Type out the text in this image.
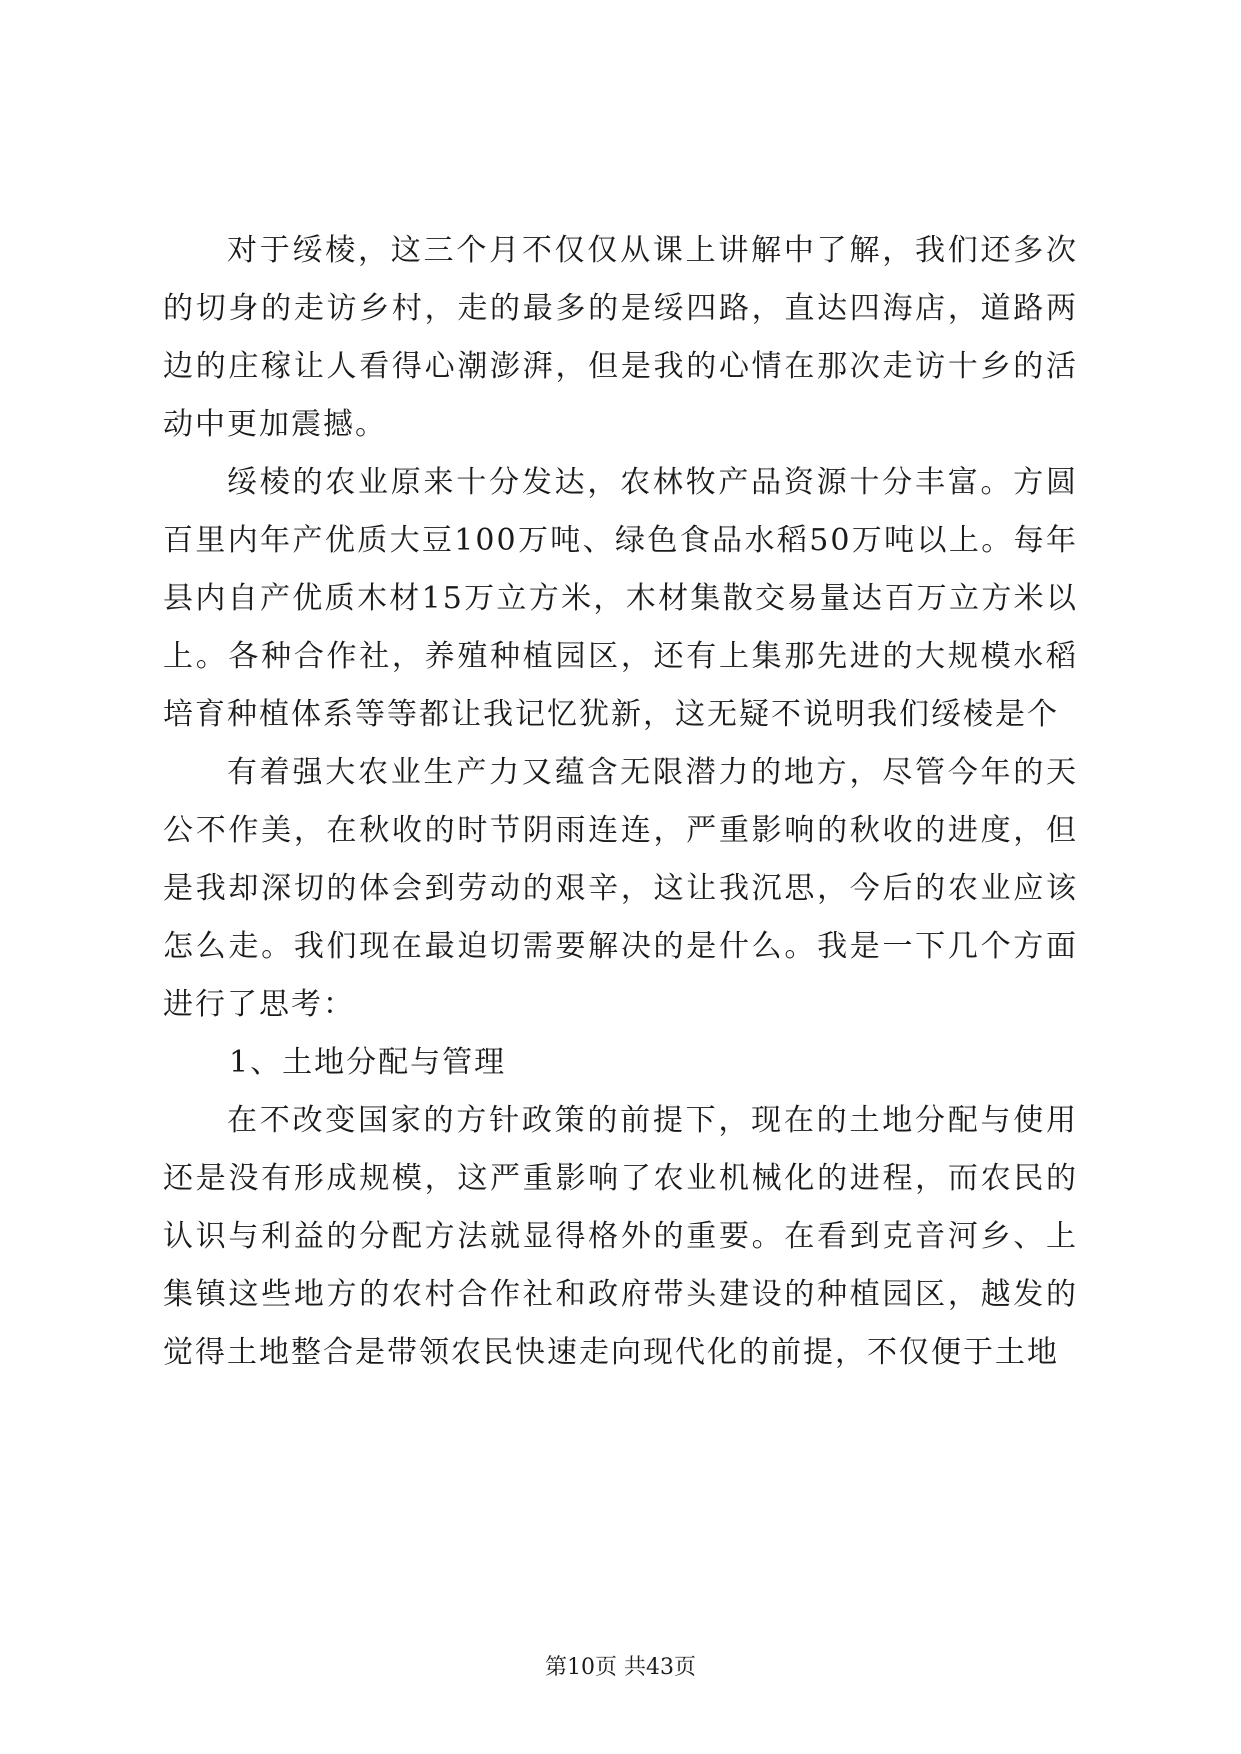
对于绥棱，这三个月不仅仅从课上讲解中了解，我们还多次的切身的走访乡村，走的最多的是绥四路，直达四海店，道路两边的庄稼让人看得心潮澎湃，但是我的心情在那次走访十乡的活动中更加震撼。

绥棱的农业原来十分发达，农林牧产品资源十分丰富。方圆百里内年产优质大豆100万吨、绿色食品水稻50万吨以上。每年县内自产优质木材15万立方米，木材集散交易量达百万立方米以上。各种合作社，养殖种植园区，还有上集那先进的大规模水稻培育种植体系等等都让我记忆犹新，这无疑不说明我们绥棱是个

有着强大农业生产力又蕴含无限潜力的地方，尽管今年的天公不作美，在秋收的时节阴雨连连，严重影响的秋收的进度，但是我却深切的体会到劳动的艰辛，这让我沉思，今后的农业应该怎么走。我们现在最迫切需要解决的是什么。我是一下几个方面进行了思考：

1、土地分配与管理

在不改变国家的方针政策的前提下，现在的土地分配与使用还是没有形成规模，这严重影响了农业机械化的进程，而农民的认识与利益的分配方法就显得格外的重要。在看到克音河乡、上集镇这些地方的农村合作社和政府带头建设的种植园区，越发的觉得土地整合是带领农民快速走向现代化的前提，不仅便于土地

第10页 共43页
